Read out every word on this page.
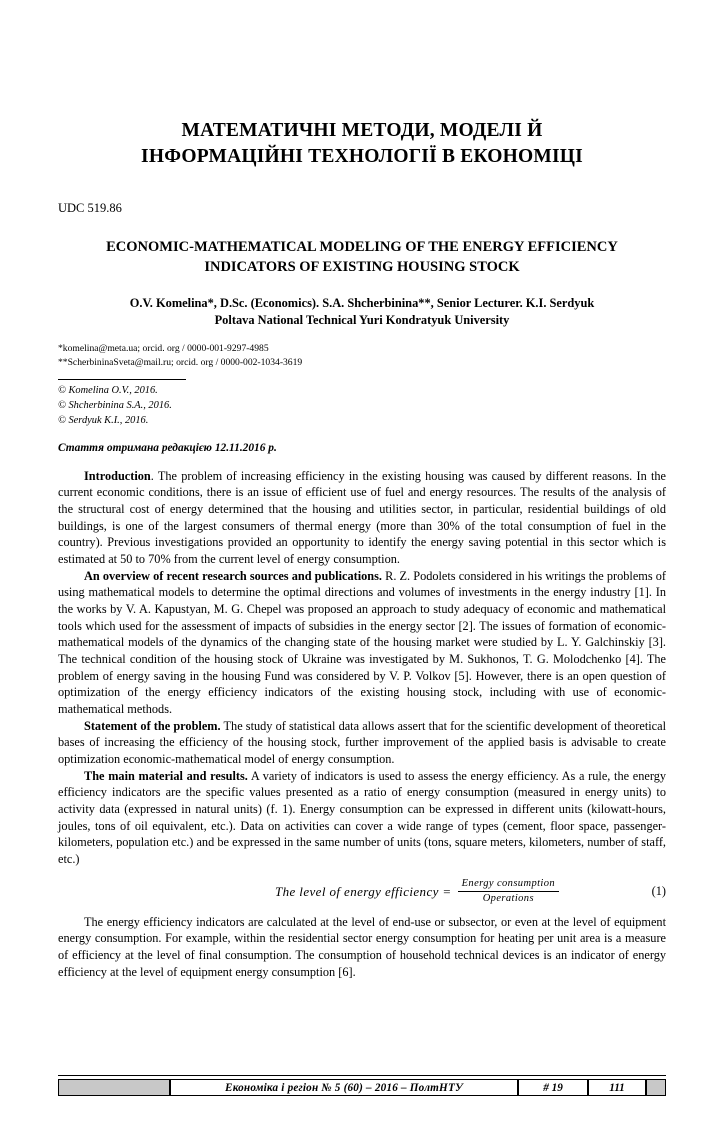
МАТЕМАТИЧНІ МЕТОДИ, МОДЕЛІ Й
ІНФОРМАЦІЙНІ ТЕХНОЛОГІЇ В ЕКОНОМІЦІ
UDC 519.86
ECONOMIC-MATHEMATICAL MODELING OF THE ENERGY EFFICIENCY INDICATORS OF EXISTING HOUSING STOCK
O.V. Komelina*, D.Sc. (Economics). S.A. Shcherbinina**, Senior Lecturer. K.I. Serdyuk
Poltava National Technical Yuri Kondratyuk University
*komelina@meta.ua; orcid. org / 0000-001-9297-4985
**ScherbininaSveta@mail.ru; orcid. org / 0000-002-1034-3619
© Komelina O.V., 2016.
© Shcherbinina S.A., 2016.
© Serdyuk K.I., 2016.
Стаття отримана редакцією 12.11.2016 р.

Introduction. The problem of increasing efficiency in the existing housing was caused by different reasons. In the current economic conditions, there is an issue of efficient use of fuel and energy resources. The results of the analysis of the structural cost of energy determined that the housing and utilities sector, in particular, residential buildings of old buildings, is one of the largest consumers of thermal energy (more than 30% of the total consumption of fuel in the country). Previous investigations provided an opportunity to identify the energy saving potential in this sector which is estimated at 50 to 70% from the current level of energy consumption.

An overview of recent research sources and publications. R. Z. Podolets considered in his writings the problems of using mathematical models to determine the optimal directions and volumes of investments in the energy industry [1]. In the works by V. A. Kapustyan, M. G. Chepel was proposed an approach to study adequacy of economic and mathematical tools which used for the assessment of impacts of subsidies in the energy sector [2]. The issues of formation of economic-mathematical models of the dynamics of the changing state of the housing market were studied by L. Y. Galchinskiy [3]. The technical condition of the housing stock of Ukraine was investigated by M. Sukhonos, T. G. Molodchenko [4]. The problem of energy saving in the housing Fund was considered by V. P. Volkov [5]. However, there is an open question of optimization of the energy efficiency indicators of the existing housing stock, including with use of economic-mathematical methods.

Statement of the problem. The study of statistical data allows assert that for the scientific development of theoretical bases of increasing the efficiency of the housing stock, further improvement of the applied basis is advisable to create optimization economic-mathematical model of energy consumption.

The main material and results. A variety of indicators is used to assess the energy efficiency. As a rule, the energy efficiency indicators are the specific values presented as a ratio of energy consumption (measured in energy units) to activity data (expressed in natural units) (f. 1). Energy consumption can be expressed in different units (kilowatt-hours, joules, tons of oil equivalent, etc.). Data on activities can cover a wide range of types (cement, floor space, passenger-kilometers, population etc.) and be expressed in the same number of units (tons, square meters, kilometers, number of staff, etc.)

The level of energy efficiency = $\frac{\text{Energy consumption}}{\text{Operations}}$	(1)

The energy efficiency indicators are calculated at the level of end-use or subsector, or even at the level of equipment energy consumption. For example, within the residential sector energy consumption for heating per unit area is a measure of efficiency at the level of final consumption. The consumption of household technical devices is an indicator of energy efficiency at the level of equipment energy consumption [6].

Економіка і регіон № 5 (60) – 2016 – ПолтНТУ	# 19	111
